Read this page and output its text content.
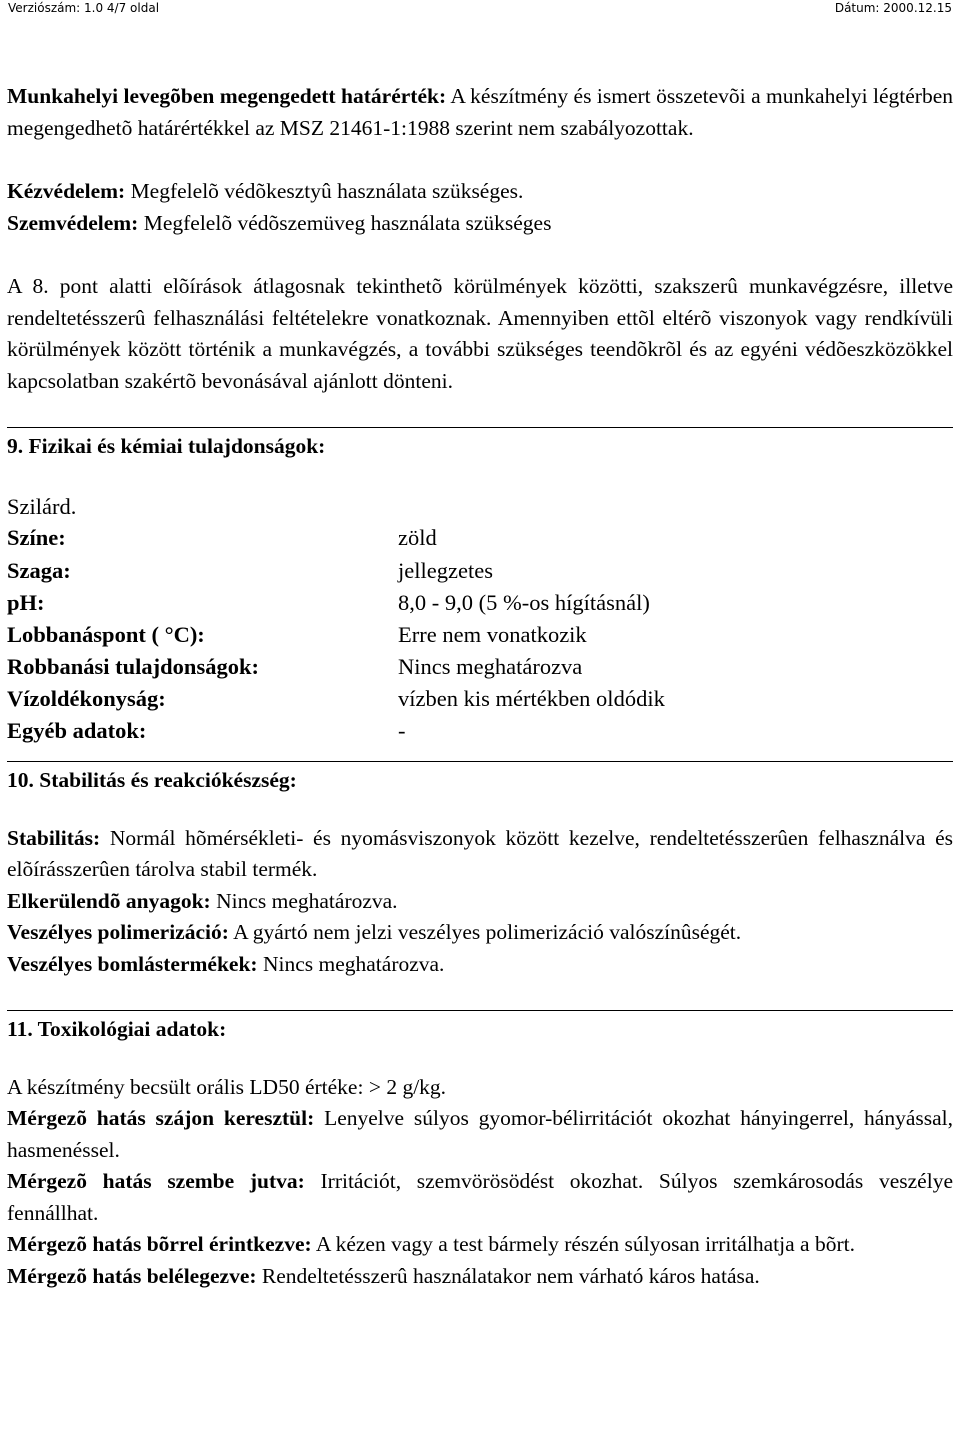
Verziószám: 1.0 4/7 oldal	Dátum: 2000.12.15

Munkahelyi levegõben megengedett határérték: A készítmény és ismert összetevõi a munkahelyi légtérben megengedhetõ határértékkel az MSZ 21461-1:1988 szerint nem szabályozottak.

Kézvédelem: Megfelelõ védõkesztyû használata szükséges.

Szemvédelem: Megfelelõ védõszemüveg használata szükséges

A 8. pont alatti elõírások átlagosnak tekinthetõ körülmények közötti, szakszerû munkavégzésre, illetve rendeltetésszerû felhasználási feltételekre vonatkoznak. Amennyiben ettõl eltérõ viszonyok vagy rendkívüli körülmények között történik a munkavégzés, a további szükséges teendõkrõl és az egyéni védõeszközökkel kapcsolatban szakértõ bevonásával ajánlott dönteni.

9. Fizikai és kémiai tulajdonságok:
Szilárd.
Színe:	zöld
Szaga:	jellegzetes
pH:	8,0 - 9,0 (5 %-os hígításnál)
Lobbanáspont ( °C):	Erre nem vonatkozik
Robbanási tulajdonságok:	Nincs meghatározva
Vízoldékonyság:	vízben kis mértékben oldódik
Egyéb adatok:	-
10. Stabilitás és reakciókészség:

Stabilitás: Normál hõmérsékleti- és nyomásviszonyok között kezelve, rendeltetésszerûen felhasználva és elõírásszerûen tárolva stabil termék.

Elkerülendõ anyagok: Nincs meghatározva.

Veszélyes polimerizáció: A gyártó nem jelzi veszélyes polimerizáció valószínûségét.

Veszélyes bomlástermékek: Nincs meghatározva.

11. Toxikológiai adatok:

A készítmény becsült orális LD50 értéke: > 2 g/kg.

Mérgezõ hatás szájon keresztül: Lenyelve súlyos gyomor-bélirritációt okozhat hányingerrel, hányással, hasmenéssel.

Mérgezõ hatás szembe jutva: Irritációt, szemvörösödést okozhat. Súlyos szemkárosodás veszélye fennállhat.

Mérgezõ hatás bõrrel érintkezve: A kézen vagy a test bármely részén súlyosan irritálhatja a bõrt.

Mérgezõ hatás belélegezve: Rendeltetésszerû használatakor nem várható káros hatása.
